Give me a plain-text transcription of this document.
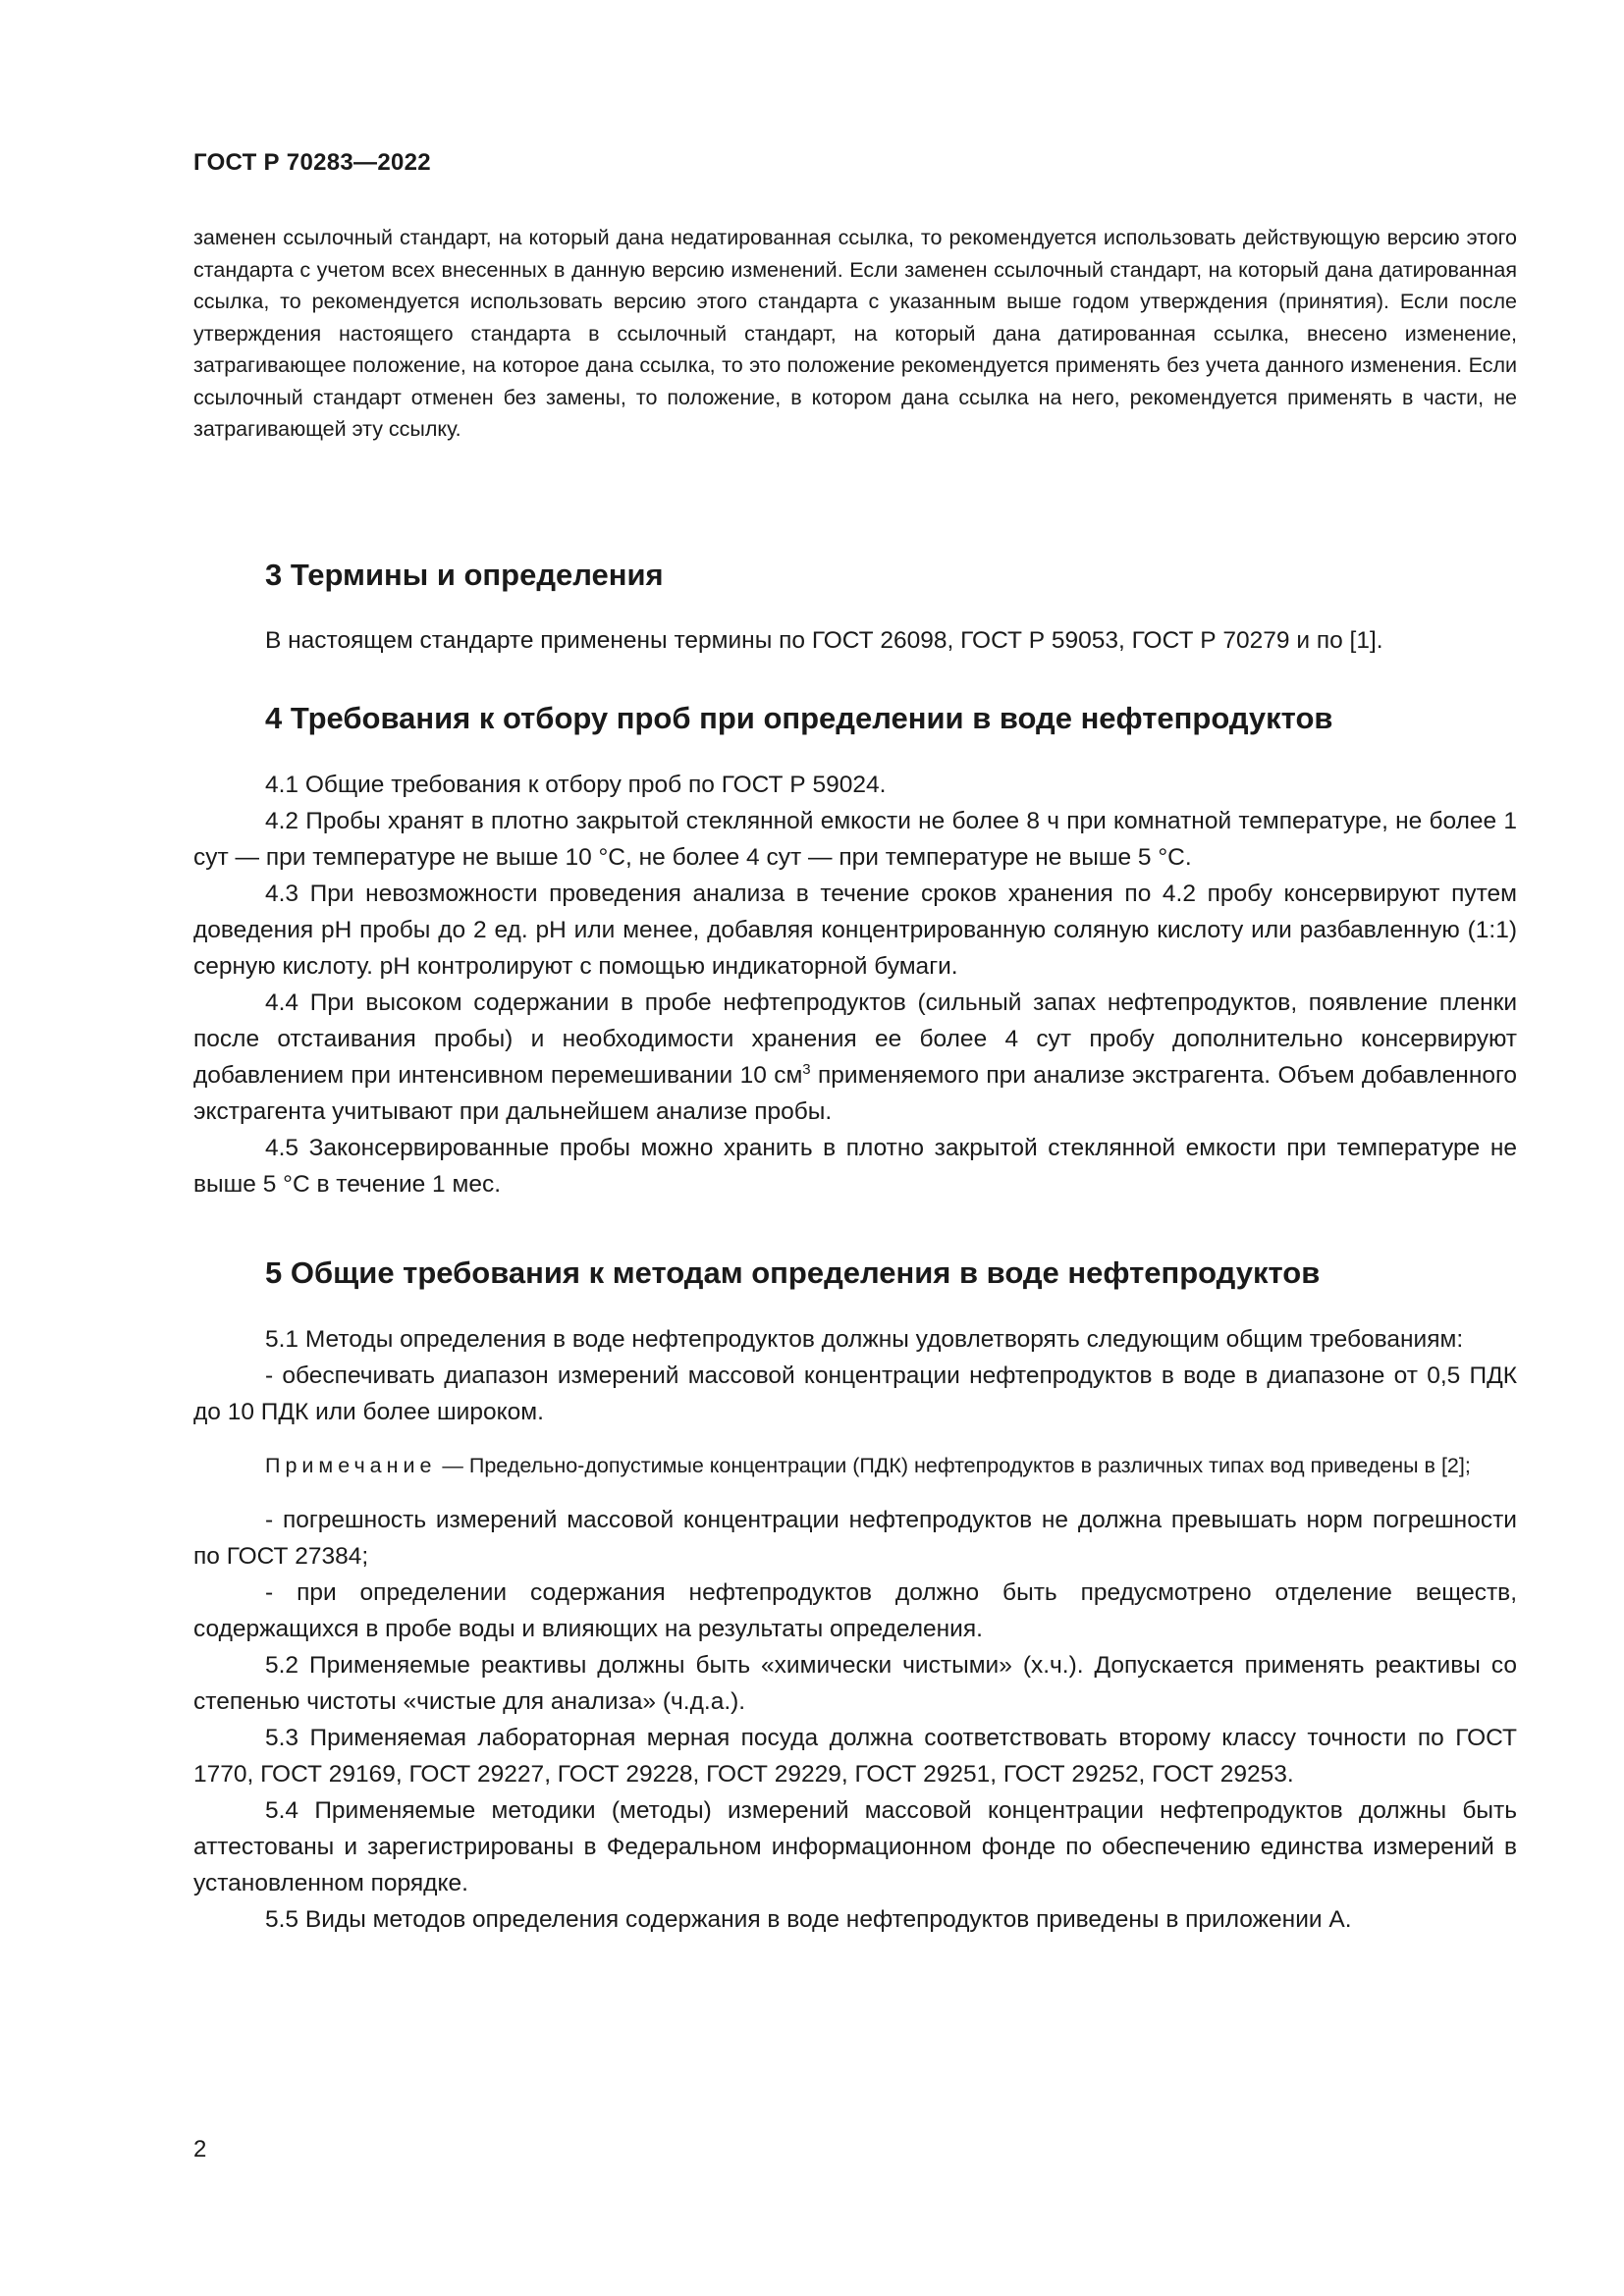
ГОСТ Р 70283—2022

заменен ссылочный стандарт, на который дана недатированная ссылка, то рекомендуется использовать действующую версию этого стандарта с учетом всех внесенных в данную версию изменений. Если заменен ссылочный стандарт, на который дана датированная ссылка, то рекомендуется использовать версию этого стандарта с указанным выше годом утверждения (принятия). Если после утверждения настоящего стандарта в ссылочный стандарт, на который дана датированная ссылка, внесено изменение, затрагивающее положение, на которое дана ссылка, то это положение рекомендуется применять без учета данного изменения. Если ссылочный стандарт отменен без замены, то положение, в котором дана ссылка на него, рекомендуется применять в части, не затрагивающей эту ссылку.

3 Термины и определения

В настоящем стандарте применены термины по ГОСТ 26098, ГОСТ Р 59053, ГОСТ Р 70279 и по [1].

4 Требования к отбору проб при определении в воде нефтепродуктов

4.1 Общие требования к отбору проб по ГОСТ Р 59024.

4.2 Пробы хранят в плотно закрытой стеклянной емкости не более 8 ч при комнатной температуре, не более 1 сут — при температуре не выше 10 °С, не более 4 сут — при температуре не выше 5 °С.

4.3 При невозможности проведения анализа в течение сроков хранения по 4.2 пробу консервируют путем доведения рН пробы до 2 ед. рН или менее, добавляя концентрированную соляную кислоту или разбавленную (1:1) серную кислоту. рН контролируют с помощью индикаторной бумаги.

4.4 При высоком содержании в пробе нефтепродуктов (сильный запах нефтепродуктов, появление пленки после отстаивания пробы) и необходимости хранения ее более 4 сут пробу дополнительно консервируют добавлением при интенсивном перемешивании 10 $см^3$ применяемого при анализе экстрагента. Объем добавленного экстрагента учитывают при дальнейшем анализе пробы.

4.5 Законсервированные пробы можно хранить в плотно закрытой стеклянной емкости при температуре не выше 5 °С в течение 1 мес.

5 Общие требования к методам определения в воде нефтепродуктов

5.1 Методы определения в воде нефтепродуктов должны удовлетворять следующим общим требованиям:

- обеспечивать диапазон измерений массовой концентрации нефтепродуктов в воде в диапазоне от 0,5 ПДК до 10 ПДК или более широком.

Примечание — Предельно-допустимые концентрации (ПДК) нефтепродуктов в различных типах вод приведены в [2];

- погрешность измерений массовой концентрации нефтепродуктов не должна превышать норм погрешности по ГОСТ 27384;

- при определении содержания нефтепродуктов должно быть предусмотрено отделение веществ, содержащихся в пробе воды и влияющих на результаты определения.

5.2 Применяемые реактивы должны быть «химически чистыми» (х.ч.). Допускается применять реактивы со степенью чистоты «чистые для анализа» (ч.д.а.).

5.3 Применяемая лабораторная мерная посуда должна соответствовать второму классу точности по ГОСТ 1770, ГОСТ 29169, ГОСТ 29227, ГОСТ 29228, ГОСТ 29229, ГОСТ 29251, ГОСТ 29252, ГОСТ 29253.

5.4 Применяемые методики (методы) измерений массовой концентрации нефтепродуктов должны быть аттестованы и зарегистрированы в Федеральном информационном фонде по обеспечению единства измерений в установленном порядке.

5.5 Виды методов определения содержания в воде нефтепродуктов приведены в приложении А.

2
